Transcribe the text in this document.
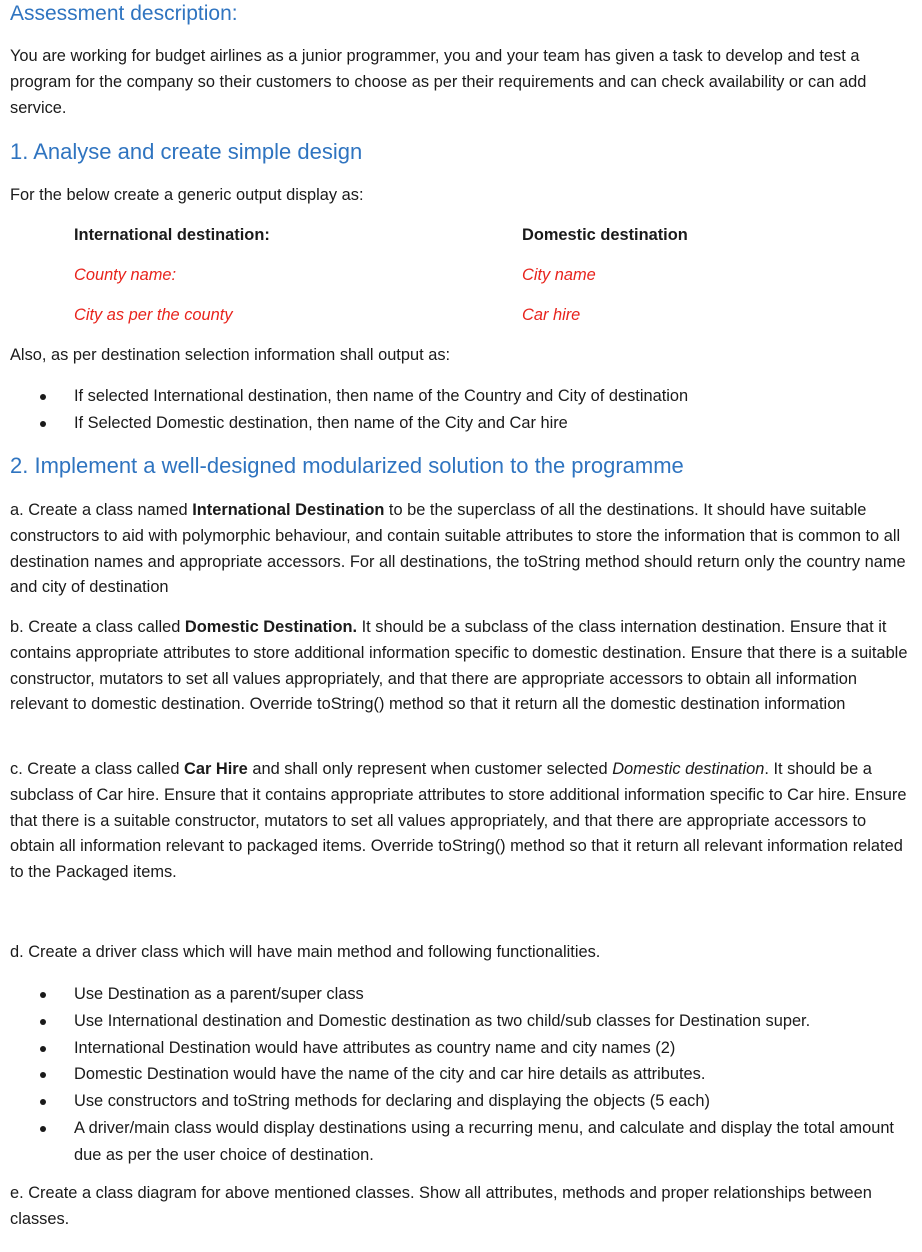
Assessment description:

You are working for budget airlines as a junior programmer, you and your team has given a task to develop and test a program for the company so their customers to choose as per their requirements and can check availability or can add service.

1. Analyse and create simple design

For the below create a generic output display as:

International destination:	Domestic destination
County name:	City name
City as per the county	Car hire

Also, as per destination selection information shall output as:

If selected International destination, then name of the Country and City of destination
If Selected Domestic destination, then name of the City and Car hire
2. Implement a well-designed modularized solution to the programme

a. Create a class named International Destination to be the superclass of all the destinations. It should have suitable constructors to aid with polymorphic behaviour, and contain suitable attributes to store the information that is common to all destination names and appropriate accessors. For all destinations, the toString method should return only the country name and city of destination

b. Create a class called Domestic Destination. It should be a subclass of the class internation destination. Ensure that it contains appropriate attributes to store additional information specific to domestic destination. Ensure that there is a suitable constructor, mutators to set all values appropriately, and that there are appropriate accessors to obtain all information relevant to domestic destination. Override toString() method so that it return all the domestic destination information

c. Create a class called Car Hire and shall only represent when customer selected Domestic destination. It should be a subclass of Car hire. Ensure that it contains appropriate attributes to store additional information specific to Car hire. Ensure that there is a suitable constructor, mutators to set all values appropriately, and that there are appropriate accessors to obtain all information relevant to packaged items. Override toString() method so that it return all relevant information related to the Packaged items.

d. Create a driver class which will have main method and following functionalities.

Use Destination as a parent/super class
Use International destination and Domestic destination as two child/sub classes for Destination super.
International Destination would have attributes as country name and city names (2)
Domestic Destination would have the name of the city and car hire details as attributes.
Use constructors and toString methods for declaring and displaying the objects (5 each)
A driver/main class would display destinations using a recurring menu, and calculate and display the total amount due as per the user choice of destination.

e. Create a class diagram for above mentioned classes. Show all attributes, methods and proper relationships between classes.
